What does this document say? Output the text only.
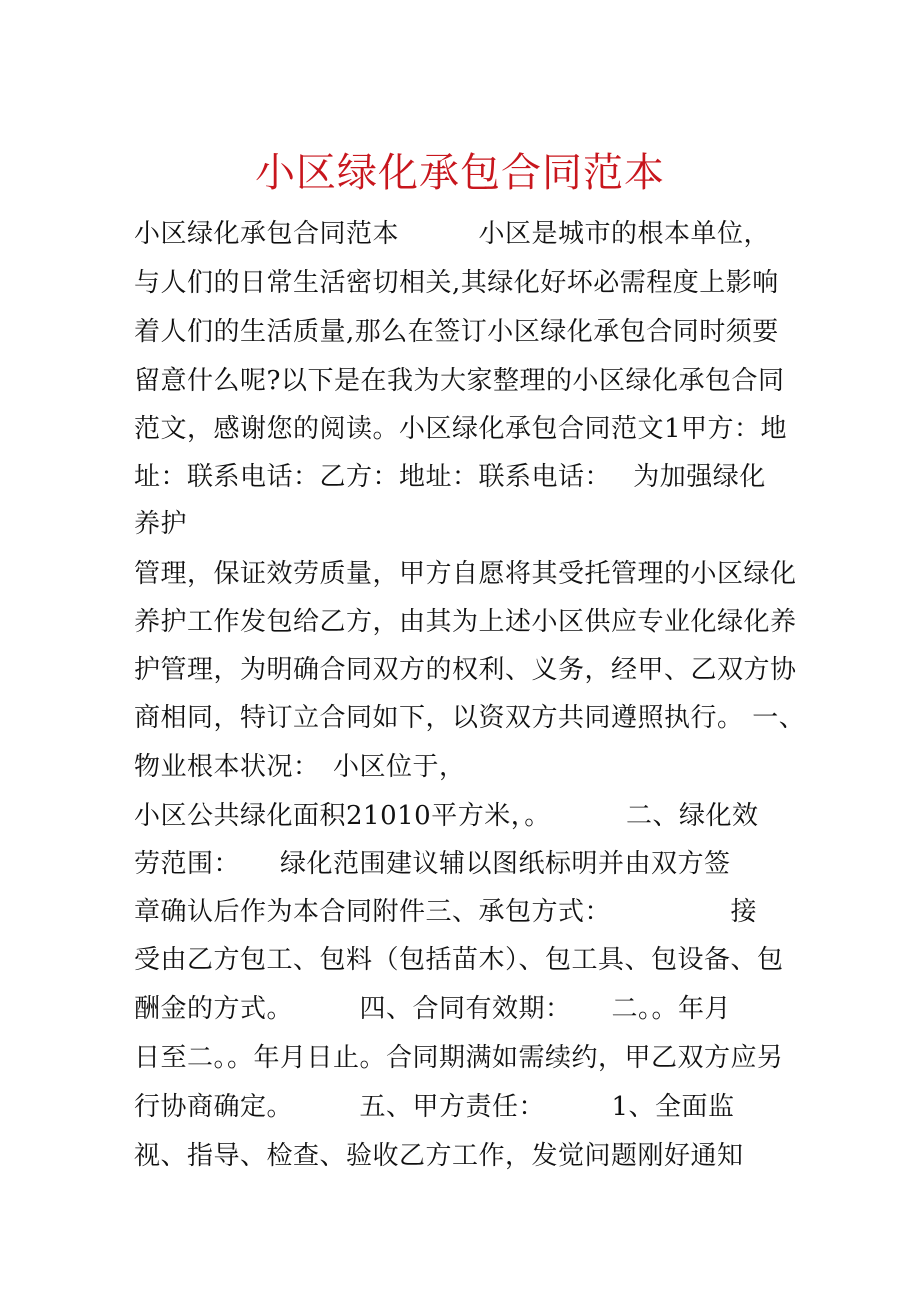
小区绿化承包合同范本
小区绿化承包合同范本　　　小区是城市的根本单位，
与人们的日常生活密切相关,其绿化好坏必需程度上影响
着人们的生活质量,那么在签订小区绿化承包合同时须要
留意什么呢?以下是在我为大家整理的小区绿化承包合同
范文，感谢您的阅读。小区绿化承包合同范文1甲方：地
址：联系电话：乙方：地址：联系电话：　 为加强绿化
养护
管理，保证效劳质量，甲方自愿将其受托管理的小区绿化
养护工作发包给乙方，由其为上述小区供应专业化绿化养
护管理，为明确合同双方的权利、义务，经甲、乙双方协
商相同，特订立合同如下，以资双方共同遵照执行。 一、
物业根本状况：　小区位于，
小区公共绿化面积21010平方米，。　　　 二、绿化效
劳范围：　　绿化范围建议辅以图纸标明并由双方签
章确认后作为本合同附件三、承包方式：　　　　　接
受由乙方包工、包料（包括苗木）、包工具、包设备、包
酬金的方式。　　　四、合同有效期：　　二。。年月
日至二。。年月日止。合同期满如需续约，甲乙双方应另
行协商确定。　　　五、甲方责任：　　　1、全面监
视、指导、检查、验收乙方工作，发觉问题刚好通知
